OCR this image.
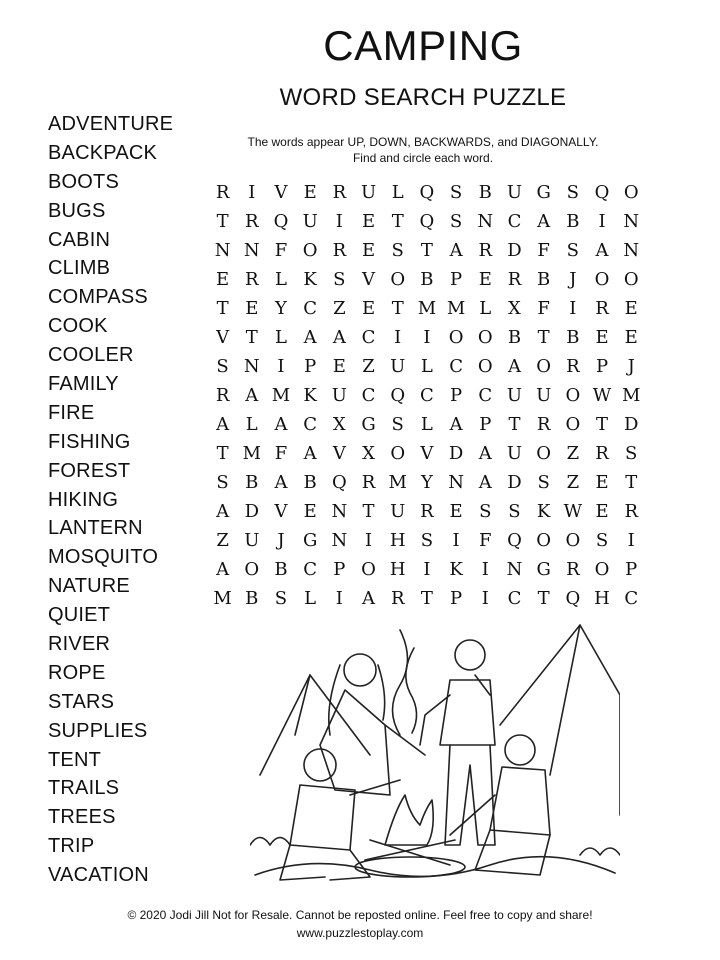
CAMPING
WORD SEARCH PUZZLE
ADVENTURE
BACKPACK
BOOTS
BUGS
CABIN
CLIMB
COMPASS
COOK
COOLER
FAMILY
FIRE
FISHING
FOREST
HIKING
LANTERN
MOSQUITO
NATURE
QUIET
RIVER
ROPE
STARS
SUPPLIES
TENT
TRAILS
TREES
TRIP
VACATION
The words appear UP, DOWN, BACKWARDS, and DIAGONALLY.
Find and circle each word.
R	I	V E R U L Q S B U G S Q O
T R Q U	I	E T Q S N C A B	I N
N N F O R E S T A R D F S A N
E R L K S V O B P E R B	J	O O
T E Y C Z E T M M L X F	I	R E
V T L A A C	I	I	O O B T B E E
S N I	P E Z U L C O A O R P	J
R A M K U C Q C P C U U O W M
A L A C X G S L A P T R O T D
T M F A V X O V D A U O Z R S
S B A B Q R M Y N A D S Z E T
A D V E N T U R E S S K W E R
Z U	J	G N I H S	I	F Q O O S	I
A O B C P O H I	K	I N G R O P
M B S L	I	A R T P	I	C T Q H C
© 2020 Jodi Jill Not for Resale. Cannot be reposted online. Feel free to copy and share!
www.puzzlestoplay.com
